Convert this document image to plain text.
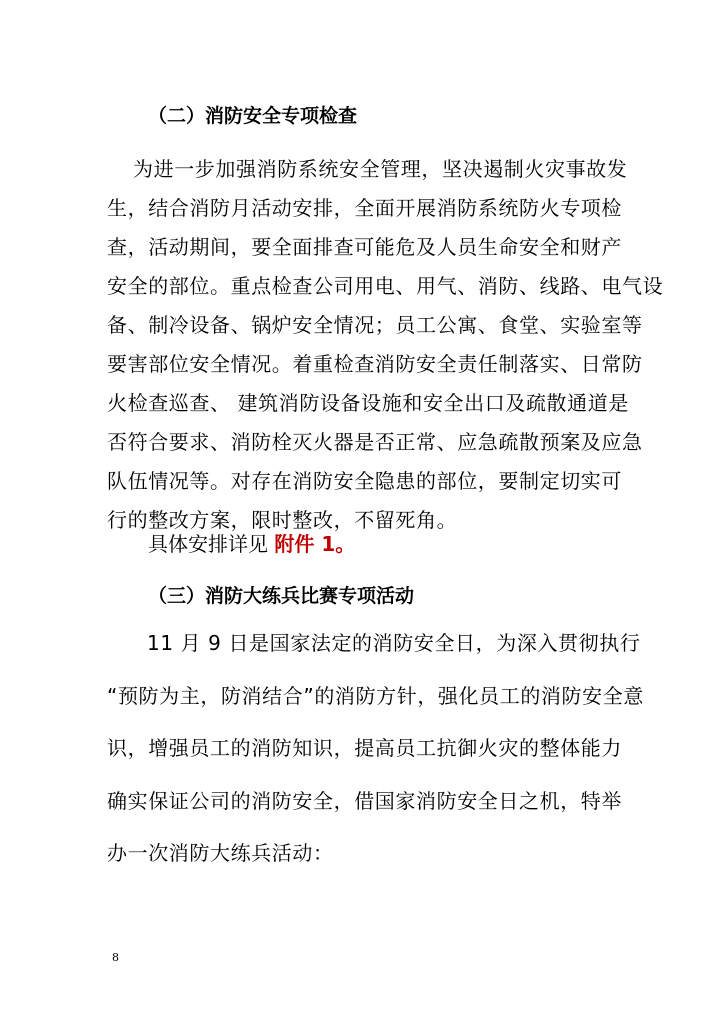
（二）消防安全专项检查

为进一步加强消防系统安全管理，坚决遏制火灾事故发
生，结合消防月活动安排，全面开展消防系统防火专项检
查，活动期间，要全面排查可能危及人员生命安全和财产
安全的部位。重点检查公司用电、用气、消防、线路、电气设
备、制冷设备、锅炉安全情况；员工公寓、食堂、实验室等
要害部位安全情况。着重检查消防安全责任制落实、日常防
火检查巡查、 建筑消防设备设施和安全出口及疏散通道是
否符合要求、消防栓灭火器是否正常、应急疏散预案及应急
队伍情况等。对存在消防安全隐患的部位，要制定切实可
行的整改方案，限时整改，不留死角。

具体安排详见 附件 1。
（三）消防大练兵比赛专项活动

11 月 9 日是国家法定的消防安全日，为深入贯彻执行
“预防为主，防消结合”的消防方针，强化员工的消防安全意
识，增强员工的消防知识，提高员工抗御火灾的整体能力
确实保证公司的消防安全，借国家消防安全日之机，特举
办一次消防大练兵活动：

8
